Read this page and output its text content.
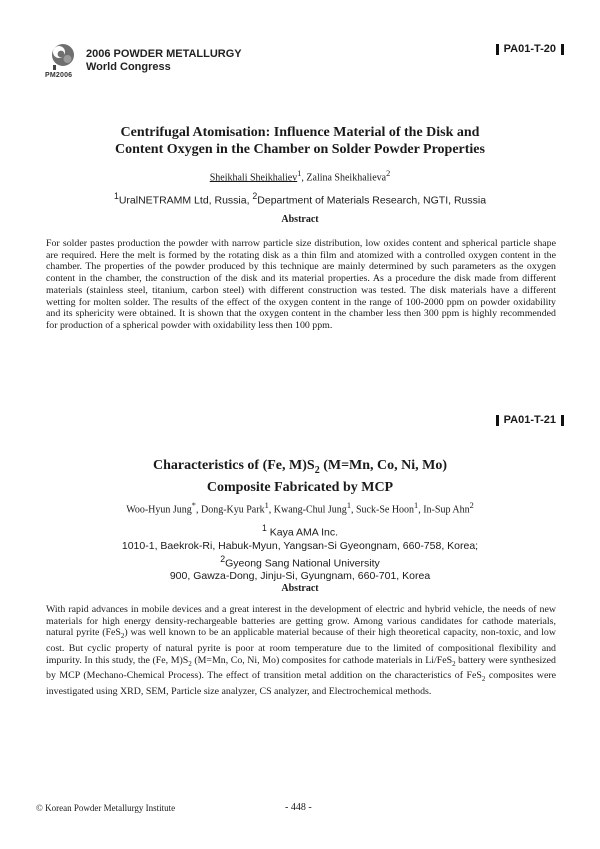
PM2006
2006 POWDER METALLURGY
World Congress
PA01-T-20
Centrifugal Atomisation: Influence Material of the Disk and
Content Oxygen in the Chamber on Solder Powder Properties
Sheikhali Sheikhaliev$^1$, Zalina Sheikhalieva$^2$
$^1$UralNETRAMM Ltd, Russia, $^2$Department of Materials Research, NGTI, Russia
Abstract

For solder pastes production the powder with narrow particle size distribution, low oxides content and spherical particle shape are required. Here the melt is formed by the rotating disk as a thin film and atomized with a controlled oxygen content in the chamber. The properties of the powder produced by this technique are mainly determined by such parameters as the oxygen content in the chamber, the construction of the disk and its material properties. As a procedure the disk made from different materials (stainless steel, titanium, carbon steel) with different construction was tested. The disk materials have a different wetting for molten solder. The results of the effect of the oxygen content in the range of 100-2000 ppm on powder oxidability and its sphericity were obtained. It is shown that the oxygen content in the chamber less then 300 ppm is highly recommended for production of a spherical powder with oxidability less then 100 ppm.

PA01-T-21
Characteristics of (Fe, $M)S_2$ (M=Mn, Co, Ni, Mo)
Composite Fabricated by MCP
Woo-Hyun Jung*, Dong-Kyu Park$^1$, Kwang-Chul Jung$^1$, Suck-Se Hoon$^1$, In-Sup Ahn$^2$
$^1$ Kaya AMA Inc.
1010-1, Baekrok-Ri, Habuk-Myun, Yangsan-Si Gyeongnam, 660-758, Korea;
$^2$Gyeong Sang National University
900, Gawza-Dong, Jinju-Si, Gyungnam, 660-701, Korea
Abstract

With rapid advances in mobile devices and a great interest in the development of electric and hybrid vehicle, the needs of new materials for high energy density-rechargeable batteries are getting grow. Among various candidates for cathode materials, natural pyrite (FeS$_2$) was well known to be an applicable material because of their high theoretical capacity, non-toxic, and low cost. But cyclic property of natural pyrite is poor at room temperature due to the limited of compositional flexibility and impurity. In this study, the (Fe, $M)S_2$ (M=Mn, Co, Ni, Mo) composites for cathode materials in Li/FeS$_2$ battery were synthesized by MCP (Mechano-Chemical Process). The effect of transition metal addition on the characteristics of FeS$_2$ composites were investigated using XRD, SEM, Particle size analyzer, CS analyzer, and Electrochemical methods.

© Korean Powder Metallurgy Institute	- 448 -
